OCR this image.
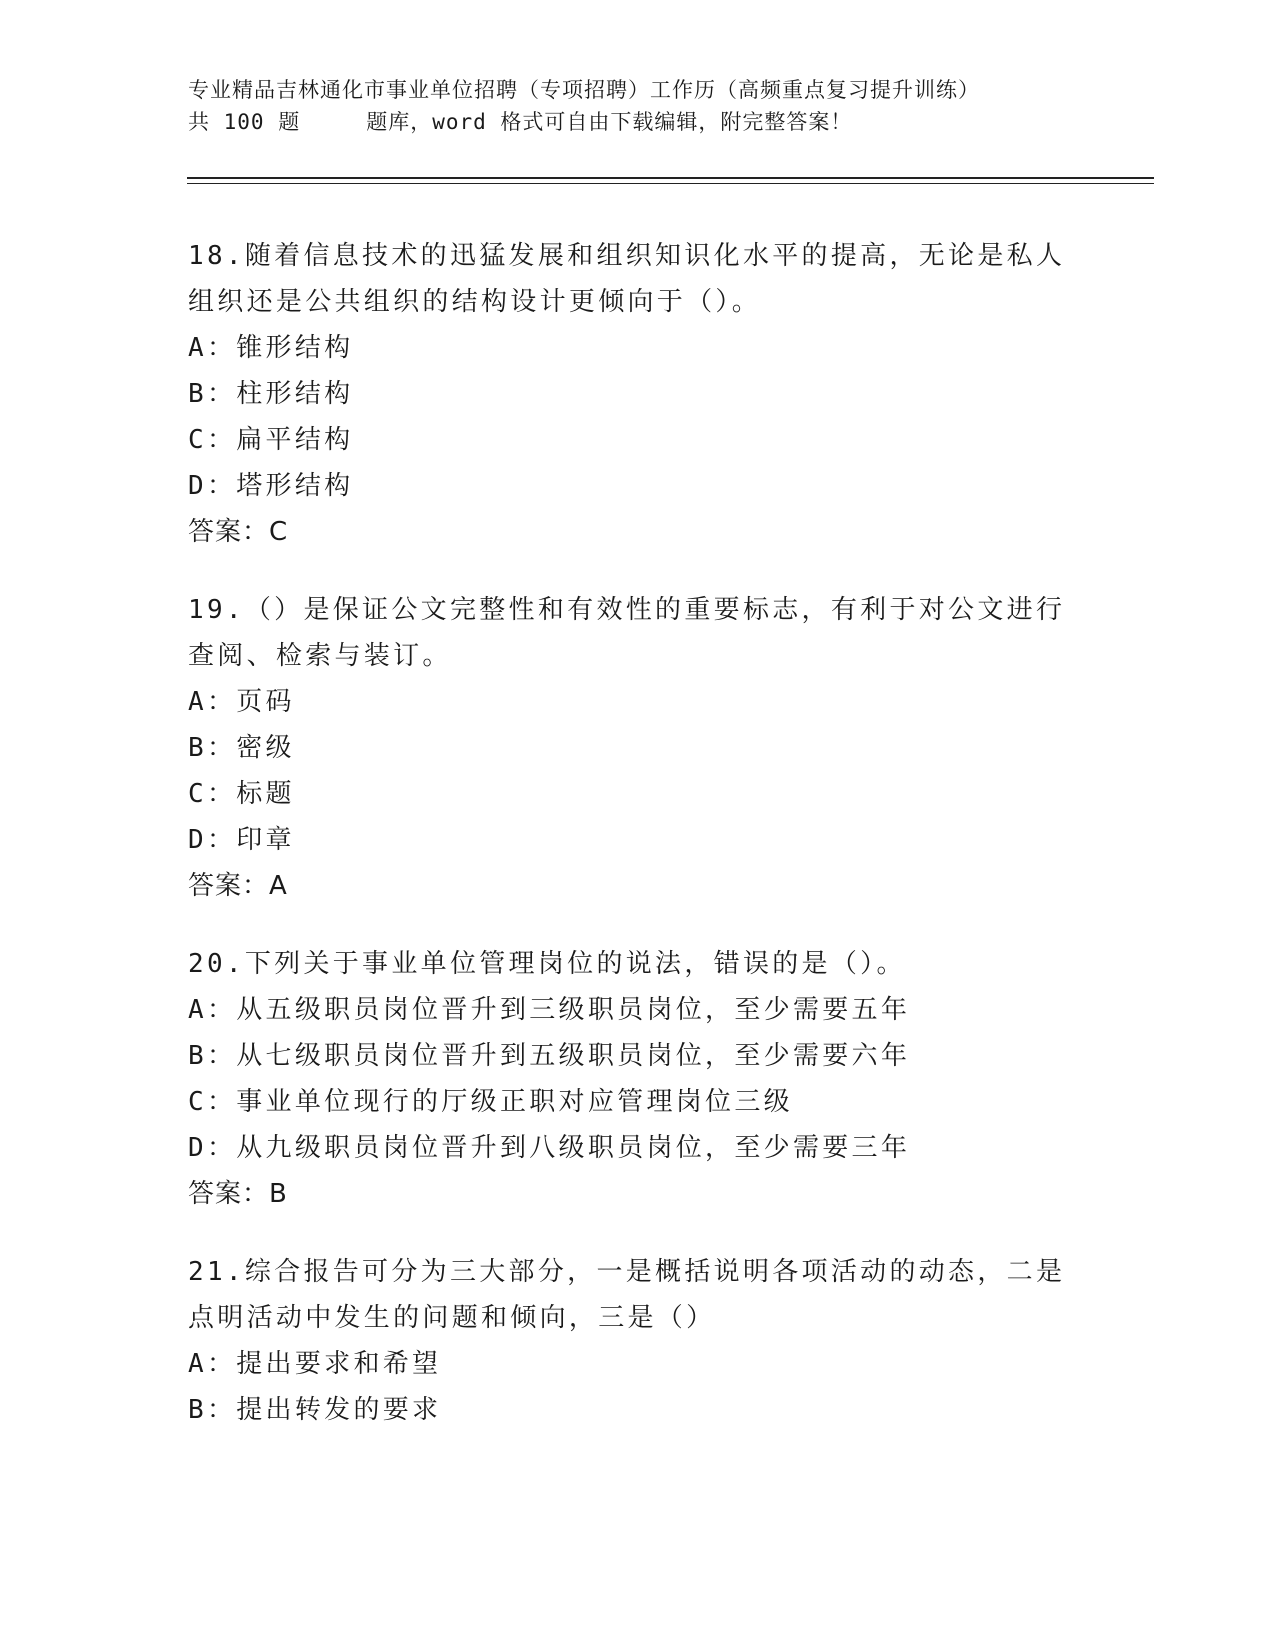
专业精品吉林通化市事业单位招聘（专项招聘）工作历（高频重点复习提升训练）
共 100 题	题库，word 格式可自由下载编辑，附完整答案！
18.随着信息技术的迅猛发展和组织知识化水平的提高，无论是私人组织还是公共组织的结构设计更倾向于（）。
A：锥形结构
B：柱形结构
C：扁平结构
D：塔形结构
答案：C
19.（）是保证公文完整性和有效性的重要标志，有利于对公文进行查阅、检索与装订。
A：页码
B：密级
C：标题
D：印章
答案：A
20.下列关于事业单位管理岗位的说法，错误的是（）。
A：从五级职员岗位晋升到三级职员岗位，至少需要五年
B：从七级职员岗位晋升到五级职员岗位，至少需要六年
C：事业单位现行的厅级正职对应管理岗位三级
D：从九级职员岗位晋升到八级职员岗位，至少需要三年
答案：B
21.综合报告可分为三大部分，一是概括说明各项活动的动态，二是点明活动中发生的问题和倾向，三是（）
A：提出要求和希望
B：提出转发的要求
